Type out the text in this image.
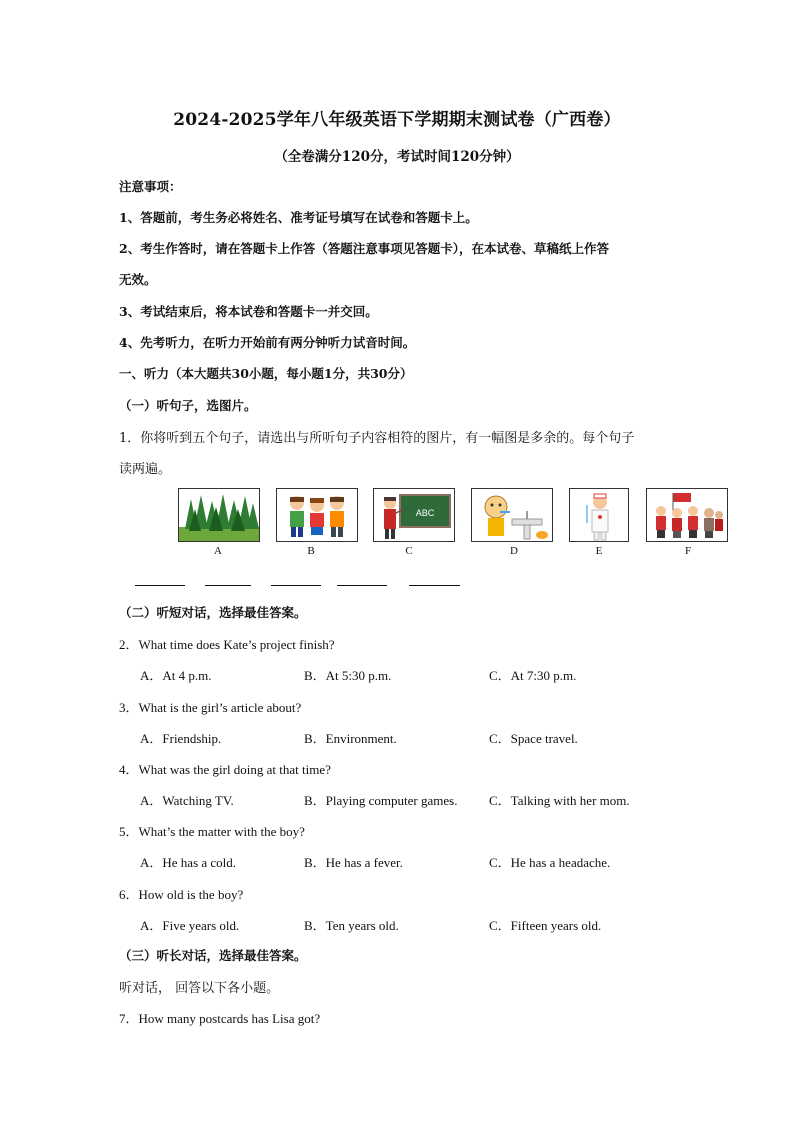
2024-2025学年八年级英语下学期期末测试卷（广西卷）
（全卷满分120分，考试时间120分钟）
注意事项：
1、答题前，考生务必将姓名、准考证号填写在试卷和答题卡上。
2、考生作答时，请在答题卡上作答（答题注意事项见答题卡），在本试卷、草稿纸上作答
无效。
3、考试结束后，将本试卷和答题卡一并交回。
4、先考听力，在听力开始前有两分钟听力试音时间。
一、听力（本大题共30小题，每小题1分，共30分）
（一）听句子，选图片。
1．你将听到五个句子，请选出与所听句子内容相符的图片，有一幅图是多余的。每个句子
读两遍。
ABC
A	B	C	D	E	F
（二）听短对话，选择最佳答案。
2．What time does Kate’s project finish?
A．At 4 p.m.	B．At 5:30 p.m.	C．At 7:30 p.m.
3．What is the girl’s article about?
A．Friendship.	B．Environment.	C．Space travel.
4．What was the girl doing at that time?
A．Watching TV.	B．Playing computer games. C．Talking with her mom.
5．What’s the matter with the boy?
A．He has a cold.	B．He has a fever.	C．He has a headache.
6．How old is the boy?
A．Five years old.	B．Ten years old.	C．Fifteen years old.
（三）听长对话，选择最佳答案。
听对话， 回答以下各小题。
7．How many postcards has Lisa got?
